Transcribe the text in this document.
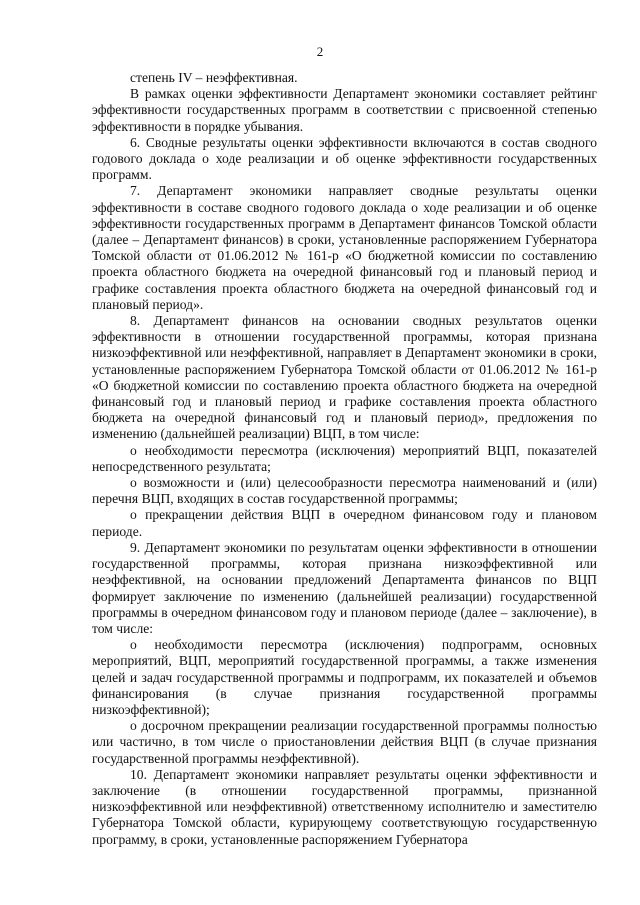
2

степень IV – неэффективная.

В рамках оценки эффективности Департамент экономики составляет рейтинг эффективности государственных программ в соответствии с присвоенной степенью эффективности в порядке убывания.

6. Сводные результаты оценки эффективности включаются в состав сводного годового доклада о ходе реализации и об оценке эффективности государственных программ.

7. Департамент экономики направляет сводные результаты оценки эффективности в составе сводного годового доклада о ходе реализации и об оценке эффективности государственных программ в Департамент финансов Томской области (далее – Департамент финансов) в сроки, установленные распоряжением Губернатора Томской области от 01.06.2012 № 161-р «О бюджетной комиссии по составлению проекта областного бюджета на очередной финансовый год и плановый период и графике составления проекта областного бюджета на очередной финансовый год и плановый период».

8. Департамент финансов на основании сводных результатов оценки эффективности в отношении государственной программы, которая признана низкоэффективной или неэффективной, направляет в Департамент экономики в сроки, установленные распоряжением Губернатора Томской области от 01.06.2012 № 161-р «О бюджетной комиссии по составлению проекта областного бюджета на очередной финансовый год и плановый период и графике составления проекта областного бюджета на очередной финансовый год и плановый период», предложения по изменению (дальнейшей реализации) ВЦП, в том числе:

о необходимости пересмотра (исключения) мероприятий ВЦП, показателей непосредственного результата;

о возможности и (или) целесообразности пересмотра наименований и (или) перечня ВЦП, входящих в состав государственной программы;

о прекращении действия ВЦП в очередном финансовом году и плановом периоде.

9. Департамент экономики по результатам оценки эффективности в отношении государственной программы, которая признана низкоэффективной или неэффективной, на основании предложений Департамента финансов по ВЦП формирует заключение по изменению (дальнейшей реализации) государственной программы в очередном финансовом году и плановом периоде (далее – заключение), в том числе:

о необходимости пересмотра (исключения) подпрограмм, основных мероприятий, ВЦП, мероприятий государственной программы, а также изменения целей и задач государственной программы и подпрограмм, их показателей и объемов финансирования (в случае признания государственной программы низкоэффективной);

о досрочном прекращении реализации государственной программы полностью или частично, в том числе о приостановлении действия ВЦП (в случае признания государственной программы неэффективной).

10. Департамент экономики направляет результаты оценки эффективности и заключение (в отношении государственной программы, признанной низкоэффективной или неэффективной) ответственному исполнителю и заместителю Губернатора Томской области, курирующему соответствующую государственную программу, в сроки, установленные распоряжением Губернатора
